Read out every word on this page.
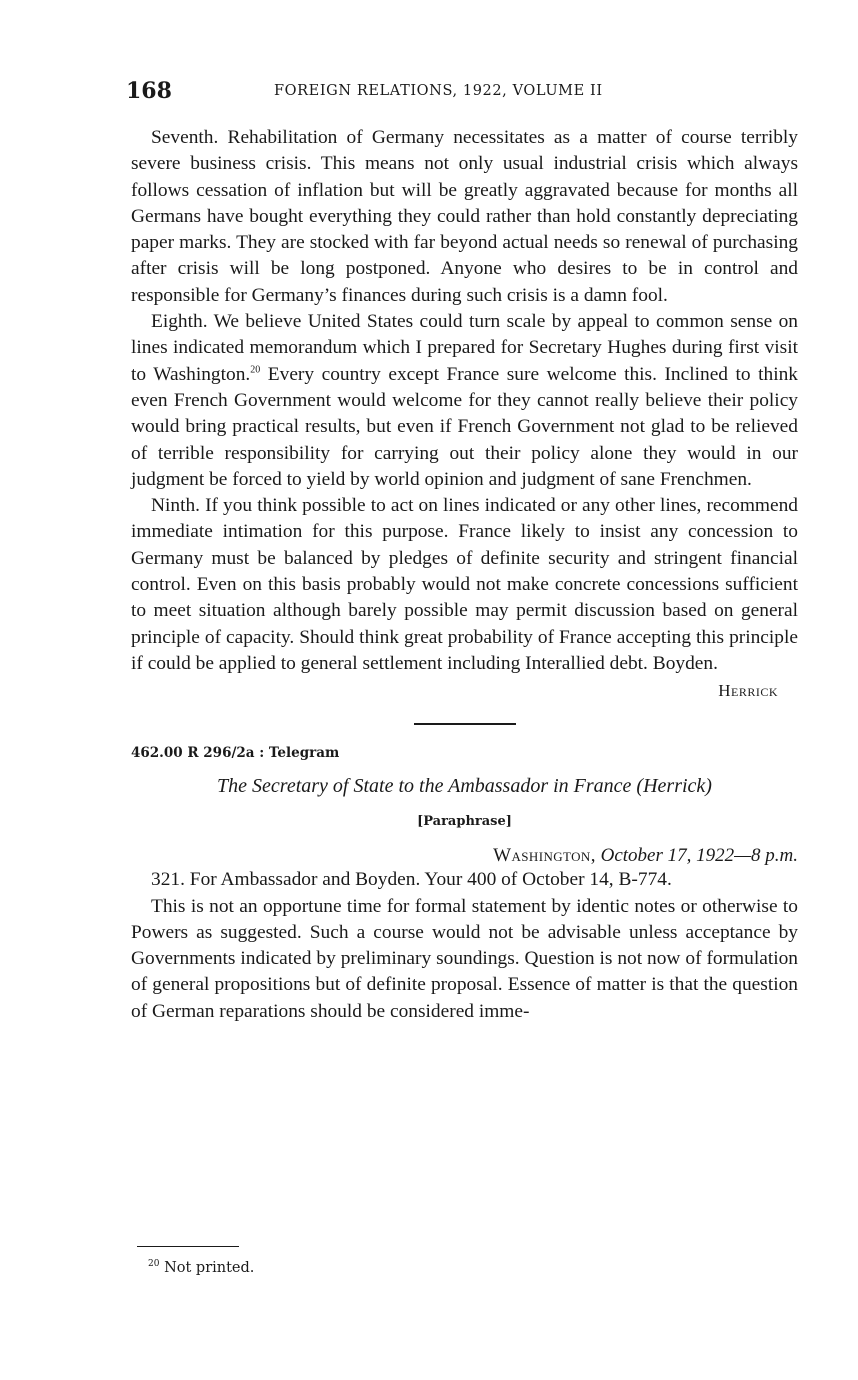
168	FOREIGN RELATIONS, 1922, VOLUME II

Seventh. Rehabilitation of Germany necessitates as a matter of course terribly severe business crisis. This means not only usual industrial crisis which always follows cessation of inflation but will be greatly aggravated because for months all Germans have bought everything they could rather than hold constantly depreciating paper marks. They are stocked with far beyond actual needs so renewal of purchasing after crisis will be long postponed. Anyone who desires to be in control and responsible for Germany’s finances during such crisis is a damn fool.

Eighth. We believe United States could turn scale by appeal to common sense on lines indicated memorandum which I prepared for Secretary Hughes during first visit to Washington.$^{20}$ Every country except France sure welcome this. Inclined to think even French Government would welcome for they cannot really believe their policy would bring practical results, but even if French Government not glad to be relieved of terrible responsibility for carrying out their policy alone they would in our judgment be forced to yield by world opinion and judgment of sane Frenchmen.

Ninth. If you think possible to act on lines indicated or any other lines, recommend immediate intimation for this purpose. France likely to insist any concession to Germany must be balanced by pledges of definite security and stringent financial control. Even on this basis probably would not make concrete concessions sufficient to meet situation although barely possible may permit discussion based on general principle of capacity. Should think great probability of France accepting this principle if could be applied to general settlement including Interallied debt. Boyden.

Herrick
462.00 R 296/2a : Telegram
The Secretary of State to the Ambassador in France (Herrick)
[Paraphrase]
Washington, October 17, 1922—8 p.m.

321. For Ambassador and Boyden. Your 400 of October 14, B-774.

This is not an opportune time for formal statement by identic notes or otherwise to Powers as suggested. Such a course would not be advisable unless acceptance by Governments indicated by preliminary soundings. Question is not now of formulation of general propositions but of definite proposal. Essence of matter is that the question of German reparations should be considered imme-

$^{20}$ Not printed.
